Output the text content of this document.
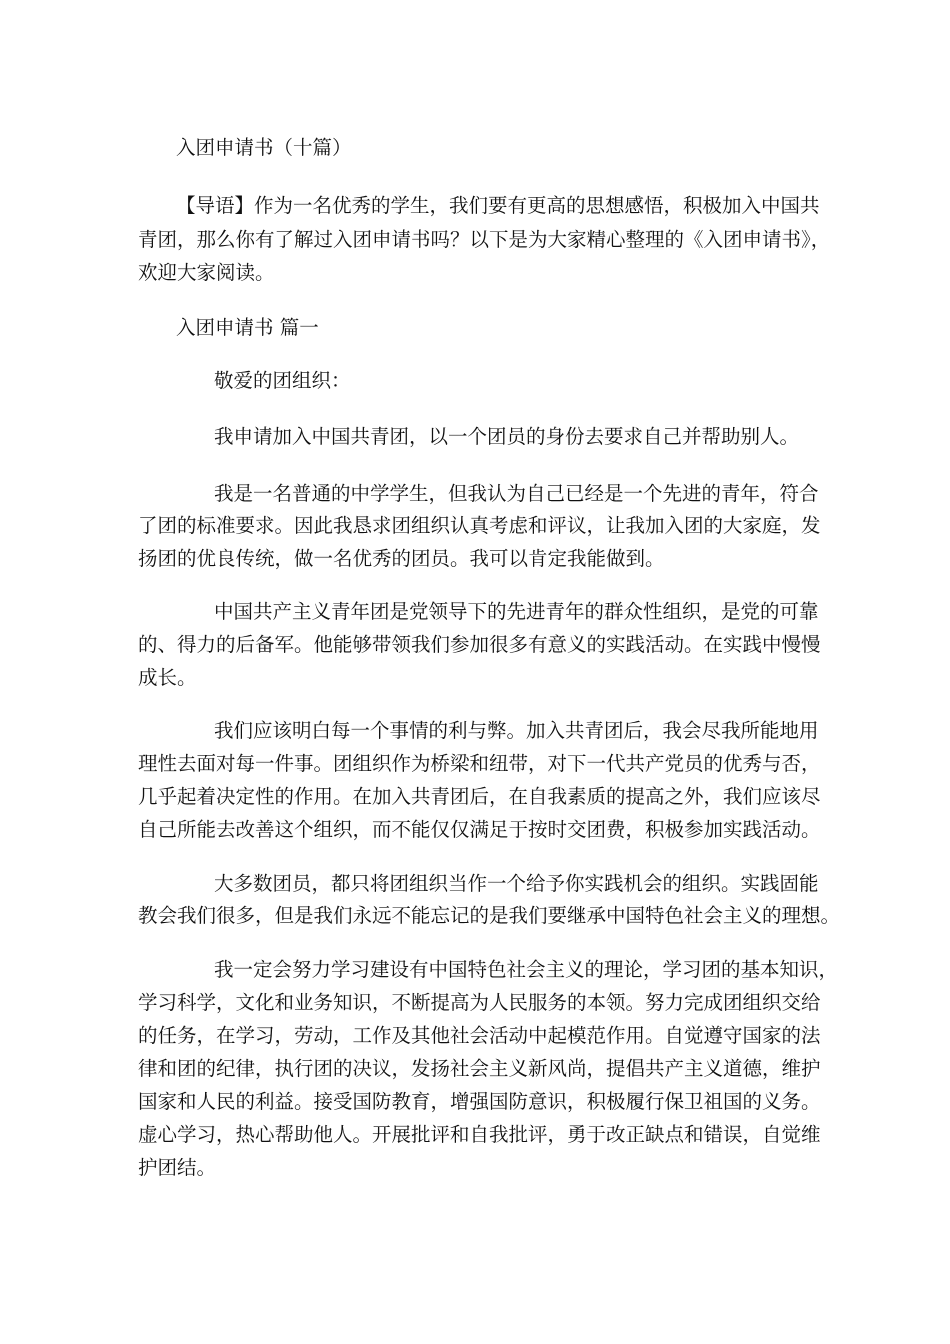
入团申请书（十篇）
【导语】作为一名优秀的学生，我们要有更高的思想感悟，积极加入中国共
青团，那么你有了解过入团申请书吗？以下是为大家精心整理的《入团申请书》，
欢迎大家阅读。
入团申请书 篇一
敬爱的团组织：
我申请加入中国共青团，以一个团员的身份去要求自己并帮助别人。
我是一名普通的中学学生，但我认为自己已经是一个先进的青年，符合
了团的标准要求。因此我恳求团组织认真考虑和评议，让我加入团的大家庭，发
扬团的优良传统，做一名优秀的团员。我可以肯定我能做到。
中国共产主义青年团是党领导下的先进青年的群众性组织，是党的可靠
的、得力的后备军。他能够带领我们参加很多有意义的实践活动。在实践中慢慢
成长。
我们应该明白每一个事情的利与弊。加入共青团后，我会尽我所能地用
理性去面对每一件事。团组织作为桥梁和纽带，对下一代共产党员的优秀与否，
几乎起着决定性的作用。在加入共青团后，在自我素质的提高之外，我们应该尽
自己所能去改善这个组织，而不能仅仅满足于按时交团费，积极参加实践活动。
大多数团员，都只将团组织当作一个给予你实践机会的组织。实践固能
教会我们很多，但是我们永远不能忘记的是我们要继承中国特色社会主义的理想。
我一定会努力学习建设有中国特色社会主义的理论，学习团的基本知识，
学习科学，文化和业务知识，不断提高为人民服务的本领。努力完成团组织交给
的任务，在学习，劳动，工作及其他社会活动中起模范作用。自觉遵守国家的法
律和团的纪律，执行团的决议，发扬社会主义新风尚，提倡共产主义道德，维护
国家和人民的利益。接受国防教育，增强国防意识，积极履行保卫祖国的义务。
虚心学习，热心帮助他人。开展批评和自我批评，勇于改正缺点和错误，自觉维
护团结。
